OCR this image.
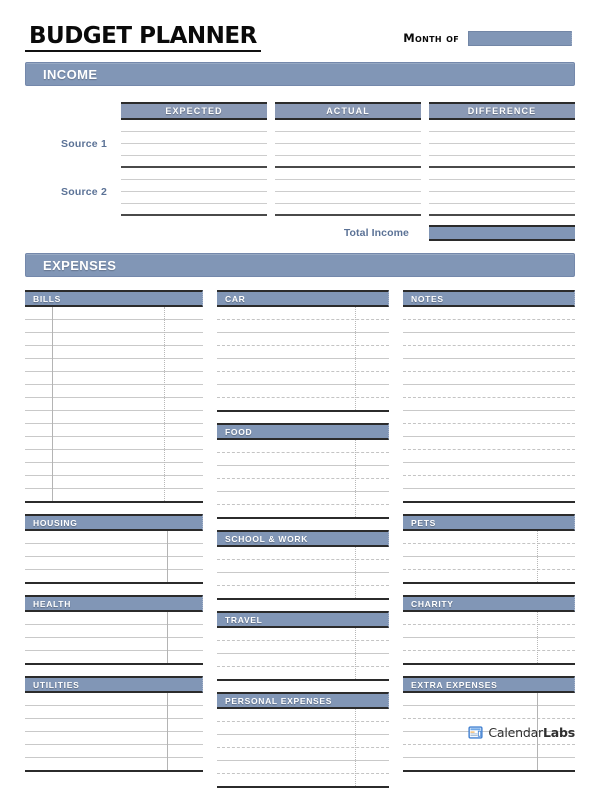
BUDGET PLANNER	Month of
INCOME
EXPECTED	ACTUAL	DIFFERENCE
Source 1
Source 2
Total Income
EXPENSES
BILLS
HOUSING
HEALTH
UTILITIES
CAR
FOOD
SCHOOL & WORK
TRAVEL
PERSONAL EXPENSES
NOTES
PETS
CHARITY
EXTRA EXPENSES
CalendarLabs
